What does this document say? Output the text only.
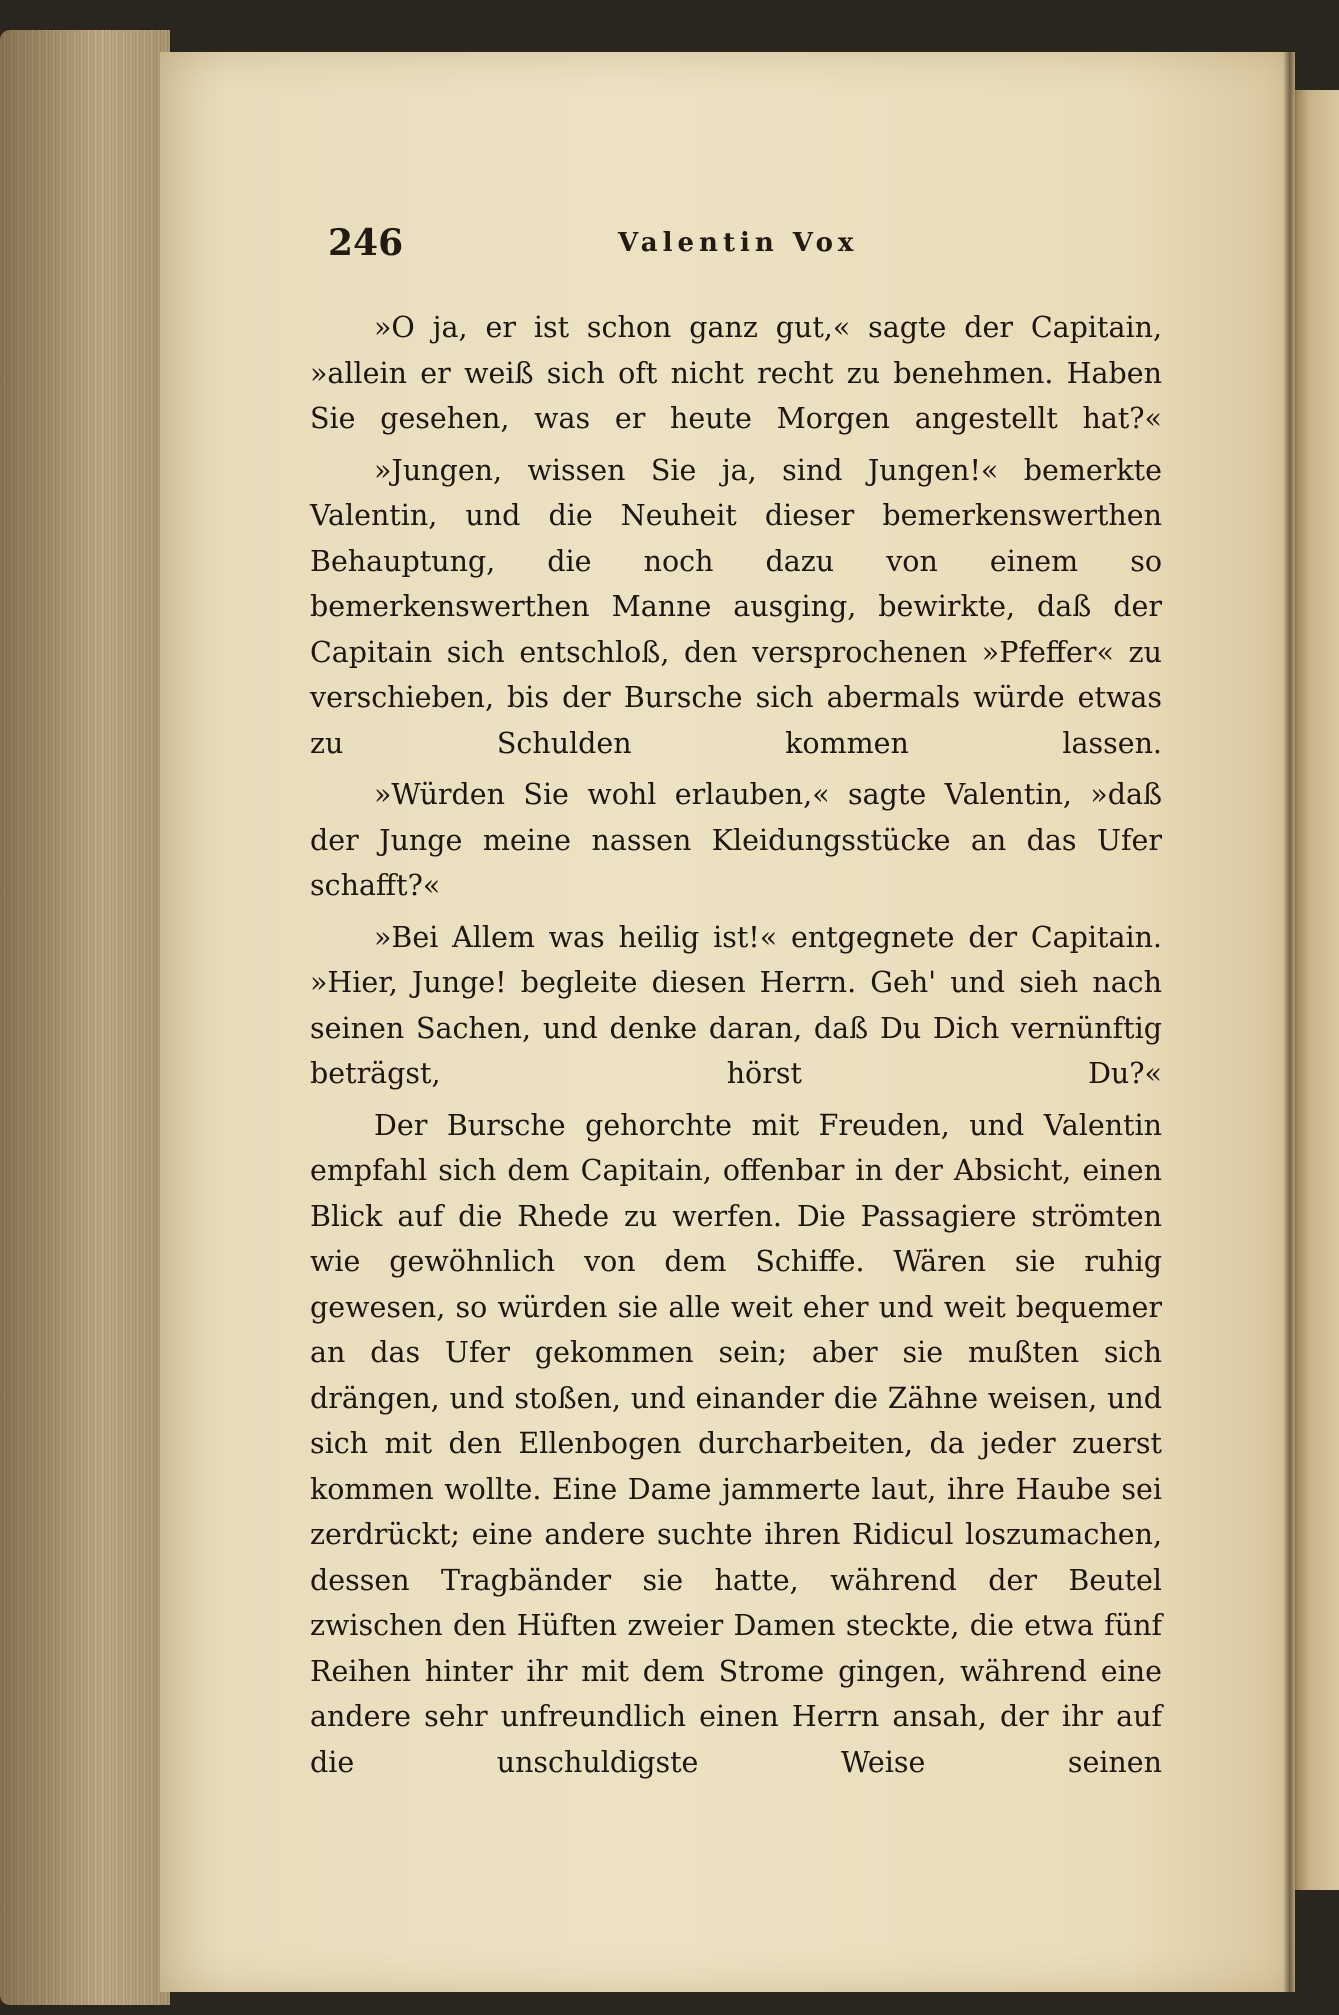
246	Valentin Vox

»O ja, er ist schon ganz gut,« sagte der Capitain, »allein er weiß sich oft nicht recht zu benehmen. Haben Sie gesehen, was er heute Morgen angestellt hat?«

»Jungen, wissen Sie ja, sind Jungen!« bemerkte Valentin, und die Neuheit dieser bemerkenswerthen Behauptung, die noch dazu von einem so bemerkenswerthen Manne ausging, bewirkte, daß der Capitain sich entschloß, den versprochenen »Pfeffer« zu verschieben, bis der Bursche sich abermals würde etwas zu Schulden kommen lassen.

»Würden Sie wohl erlauben,« sagte Valentin, »daß der Junge meine nassen Kleidungsstücke an das Ufer schafft?«

»Bei Allem was heilig ist!« entgegnete der Capitain. »Hier, Junge! begleite diesen Herrn. Geh' und sieh nach seinen Sachen, und denke daran, daß Du Dich vernünftig beträgst, hörst Du?«

Der Bursche gehorchte mit Freuden, und Valentin empfahl sich dem Capitain, offenbar in der Absicht, einen Blick auf die Rhede zu werfen. Die Passagiere strömten wie gewöhnlich von dem Schiffe. Wären sie ruhig gewesen, so würden sie alle weit eher und weit bequemer an das Ufer gekommen sein; aber sie mußten sich drängen, und stoßen, und einander die Zähne weisen, und sich mit den Ellenbogen durcharbeiten, da jeder zuerst kommen wollte. Eine Dame jammerte laut, ihre Haube sei zerdrückt; eine andere suchte ihren Ridicul loszumachen, dessen Tragbänder sie hatte, während der Beutel zwischen den Hüften zweier Damen steckte, die etwa fünf Reihen hinter ihr mit dem Strome gingen, während eine andere sehr unfreundlich einen Herrn ansah, der ihr auf die unschuldigste Weise seinen
